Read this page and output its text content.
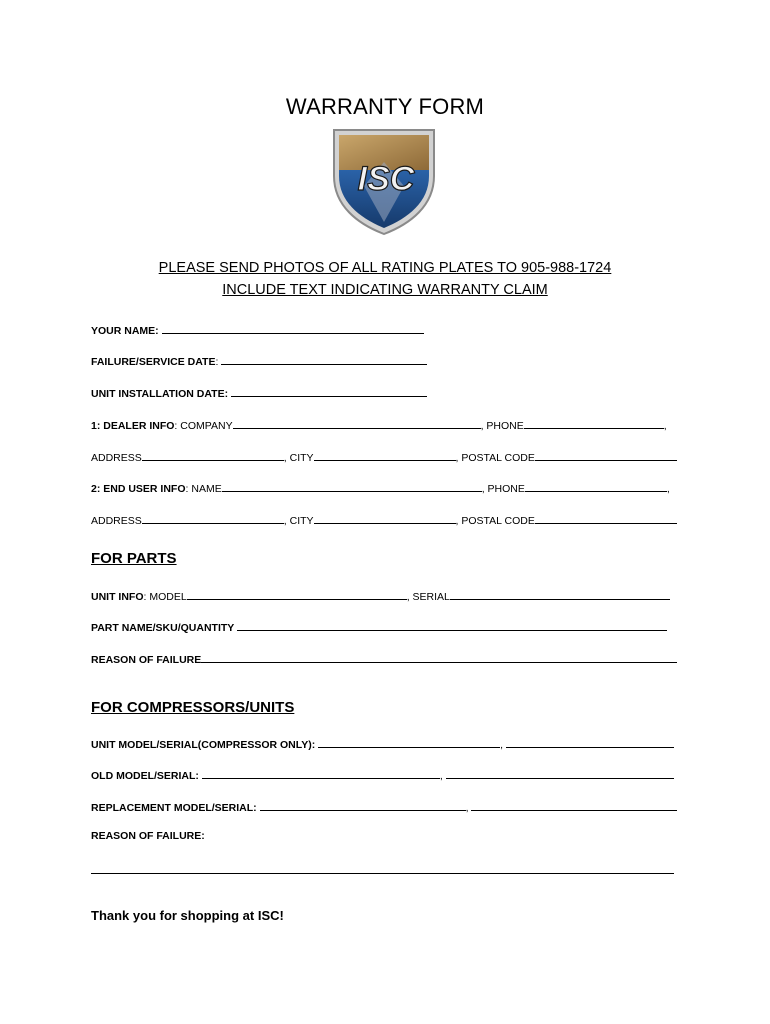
WARRANTY FORM
ISC
PLEASE SEND PHOTOS OF ALL RATING PLATES TO 905-988-1724
INCLUDE TEXT INDICATING WARRANTY CLAIM
YOUR NAME:
FAILURE/SERVICE DATE:
UNIT INSTALLATION DATE:
1: DEALER INFO: COMPANY	, PHONE	,
ADDRESS	, CITY	, POSTAL CODE
2: END USER INFO: NAME	, PHONE	,
ADDRESS	, CITY	, POSTAL CODE
FOR PARTS
UNIT INFO: MODEL	, SERIAL
PART NAME/SKU/QUANTITY
REASON OF FAILURE
FOR COMPRESSORS/UNITS
UNIT MODEL/SERIAL(COMPRESSOR ONLY):	,
OLD MODEL/SERIAL:	,
REPLACEMENT MODEL/SERIAL:	,
REASON OF FAILURE:
Thank you for shopping at ISC!
